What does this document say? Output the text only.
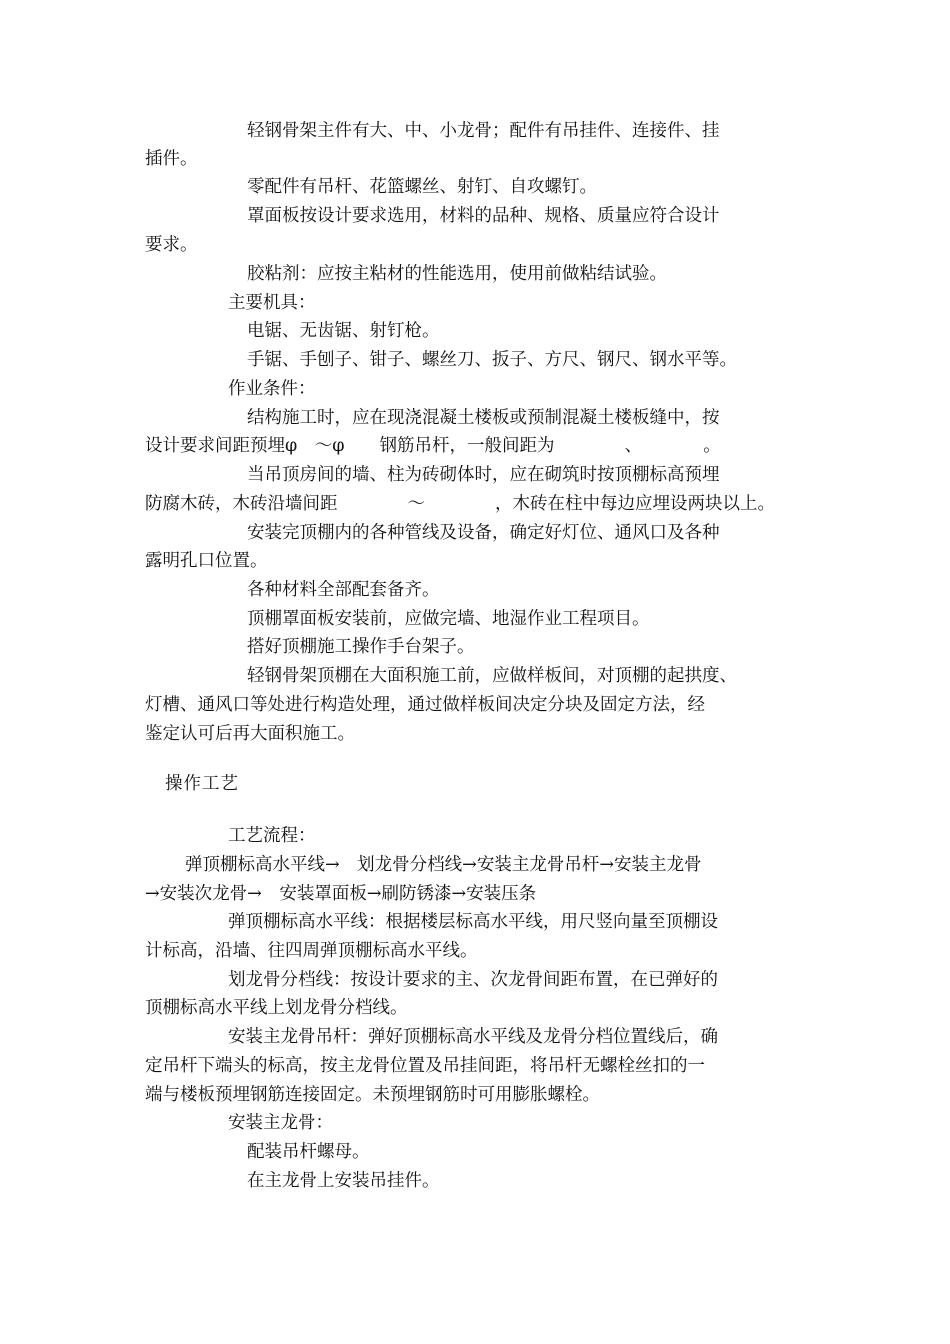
轻钢骨架主件有大、中、小龙骨；配件有吊挂件、连接件、挂
插件。
零配件有吊杆、花篮螺丝、射钉、自攻螺钉。
罩面板按设计要求选用，材料的品种、规格、质量应符合设计
要求。
胶粘剂：应按主粘材的性能选用，使用前做粘结试验。
主要机具：
电锯、无齿锯、射钉枪。
手锯、手刨子、钳子、螺丝刀、扳子、方尺、钢尺、钢水平等。
作业条件：
结构施工时，应在现浇混凝土楼板或预制混凝土楼板缝中，按
设计要求间距预埋φ　～φ　　钢筋吊杆，一般间距为　　　　、　　　　。
当吊顶房间的墙、柱为砖砌体时，应在砌筑时按顶棚标高预埋
防腐木砖，木砖沿墙间距　　　　～　　　　，木砖在柱中每边应埋设两块以上。
安装完顶棚内的各种管线及设备，确定好灯位、通风口及各种
露明孔口位置。
各种材料全部配套备齐。
顶棚罩面板安装前，应做完墙、地湿作业工程项目。
搭好顶棚施工操作手台架子。
轻钢骨架顶棚在大面积施工前，应做样板间，对顶棚的起拱度、
灯槽、通风口等处进行构造处理，通过做样板间决定分块及固定方法，经
鉴定认可后再大面积施工。
操作工艺
工艺流程：
弹顶棚标高水平线→　划龙骨分档线→安装主龙骨吊杆→安装主龙骨
→安装次龙骨→　安装罩面板→刷防锈漆→安装压条
弹顶棚标高水平线：根据楼层标高水平线，用尺竖向量至顶棚设
计标高，沿墙、往四周弹顶棚标高水平线。
划龙骨分档线：按设计要求的主、次龙骨间距布置，在已弹好的
顶棚标高水平线上划龙骨分档线。
安装主龙骨吊杆：弹好顶棚标高水平线及龙骨分档位置线后，确
定吊杆下端头的标高，按主龙骨位置及吊挂间距，将吊杆无螺栓丝扣的一
端与楼板预埋钢筋连接固定。未预埋钢筋时可用膨胀螺栓。
安装主龙骨：
配装吊杆螺母。
在主龙骨上安装吊挂件。
